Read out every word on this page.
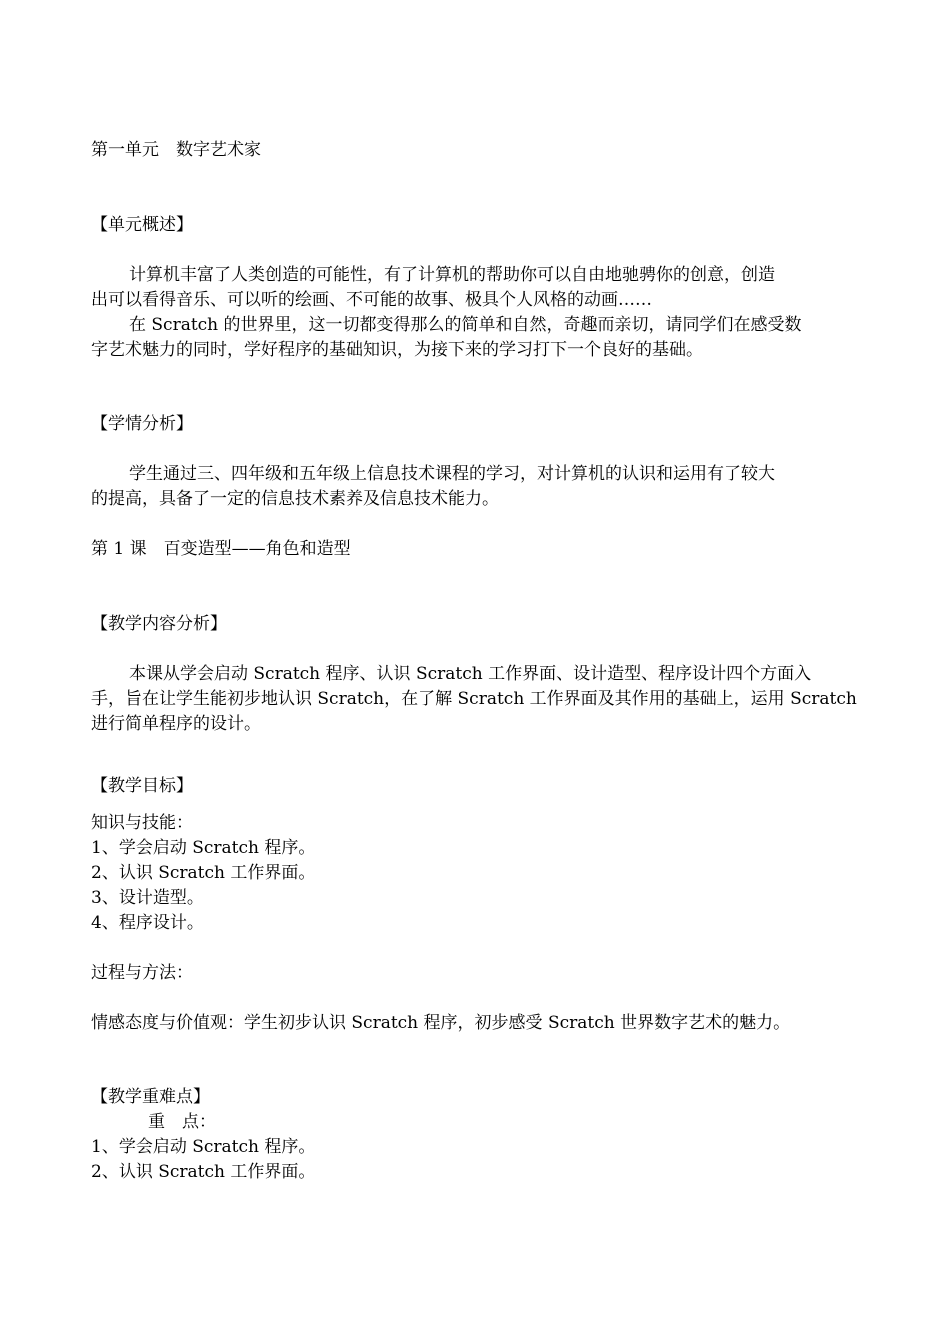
第一单元　数字艺术家
【单元概述】
计算机丰富了人类创造的可能性，有了计算机的帮助你可以自由地驰骋你的创意，创造
出可以看得音乐、可以听的绘画、不可能的故事、极具个人风格的动画……
在 Scratch 的世界里，这一切都变得那么的简单和自然，奇趣而亲切，请同学们在感受数
字艺术魅力的同时，学好程序的基础知识，为接下来的学习打下一个良好的基础。
【学情分析】
学生通过三、四年级和五年级上信息技术课程的学习，对计算机的认识和运用有了较大
的提高，具备了一定的信息技术素养及信息技术能力。
第 1 课　百变造型——角色和造型
【教学内容分析】
本课从学会启动 Scratch 程序、认识 Scratch 工作界面、设计造型、程序设计四个方面入
手，旨在让学生能初步地认识 Scratch，在了解 Scratch 工作界面及其作用的基础上，运用 Scratch
进行简单程序的设计。
【教学目标】
知识与技能：
1、学会启动 Scratch 程序。
2、认识 Scratch 工作界面。
3、设计造型。
4、程序设计。
过程与方法：
情感态度与价值观：学生初步认识 Scratch 程序，初步感受 Scratch 世界数字艺术的魅力。
【教学重难点】
重　点：
1、学会启动 Scratch 程序。
2、认识 Scratch 工作界面。
